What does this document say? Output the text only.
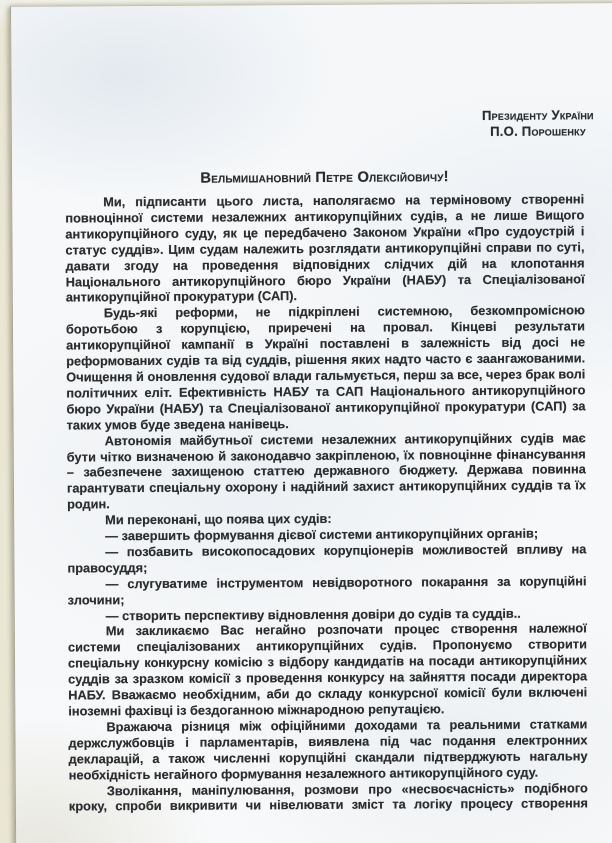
Президенту України
П.О. Порошенку
Вельмишановний Петре Олексійовичу!

Ми, підписанти цього листа, наполягаємо на терміновому створенні повноцінної системи незалежних антикорупційних судів, а не лише Вищого антикорупційного суду, як це передбачено Законом України «Про судоустрій і статус суддів». Цим судам належить розглядати антикорупційні справи по суті, давати згоду на проведення відповідних слідчих дій на клопотання Національного антикорупційного бюро України (НАБУ) та Спеціалізованої антикорупційної прокуратури (САП).

Будь-які реформи, не підкріплені системною, безкомпромісною боротьбою з корупцією, приречені на провал. Кінцеві результати антикорупційної кампанії в Україні поставлені в залежність від досі не реформованих судів та від суддів, рішення яких надто часто є заангажованими. Очищення й оновлення судової влади гальмується, перш за все, через брак волі політичних еліт. Ефективність НАБУ та САП Національного антикорупційного бюро України (НАБУ) та Спеціалізованої антикорупційної прокуратури (САП) за таких умов буде зведена нанівець.

Автономія майбутньої системи незалежних антикорупційних судів має бути чітко визначеною й законодавчо закріпленою, їх повноцінне фінансування – забезпечене захищеною статтею державного бюджету. Держава повинна гарантувати спеціальну охорону і надійний захист антикорупційних суддів та їх родин.

Ми переконані, що поява цих судів:

— завершить формування дієвої системи антикорупційних органів;

— позбавить високопосадових корупціонерів можливостей впливу на правосуддя;

— слугуватиме інструментом невідворотного покарання за корупційні злочини;

— створить перспективу відновлення довіри до судів та суддів..

Ми закликаємо Вас негайно розпочати процес створення належної системи спеціалізованих антикорупційних судів. Пропонуємо створити спеціальну конкурсну комісію з відбору кандидатів на посади антикорупційних суддів за зразком комісії з проведення конкурсу на зайняття посади директора НАБУ. Вважаємо необхідним, аби до складу конкурсної комісії були включені іноземні фахівці із бездоганною міжнародною репутацією.

Вражаюча різниця між офіційними доходами та реальними статками держслужбовців і парламентарів, виявлена під час подання електронних декларацій, а також численні корупційні скандали підтверджують нагальну необхідність негайного формування незалежного антикорупційного суду.

Зволікання, маніпулювання, розмови про «несвоєчасність» подібного кроку, спроби викривити чи нівелювати зміст та логіку процесу створення
